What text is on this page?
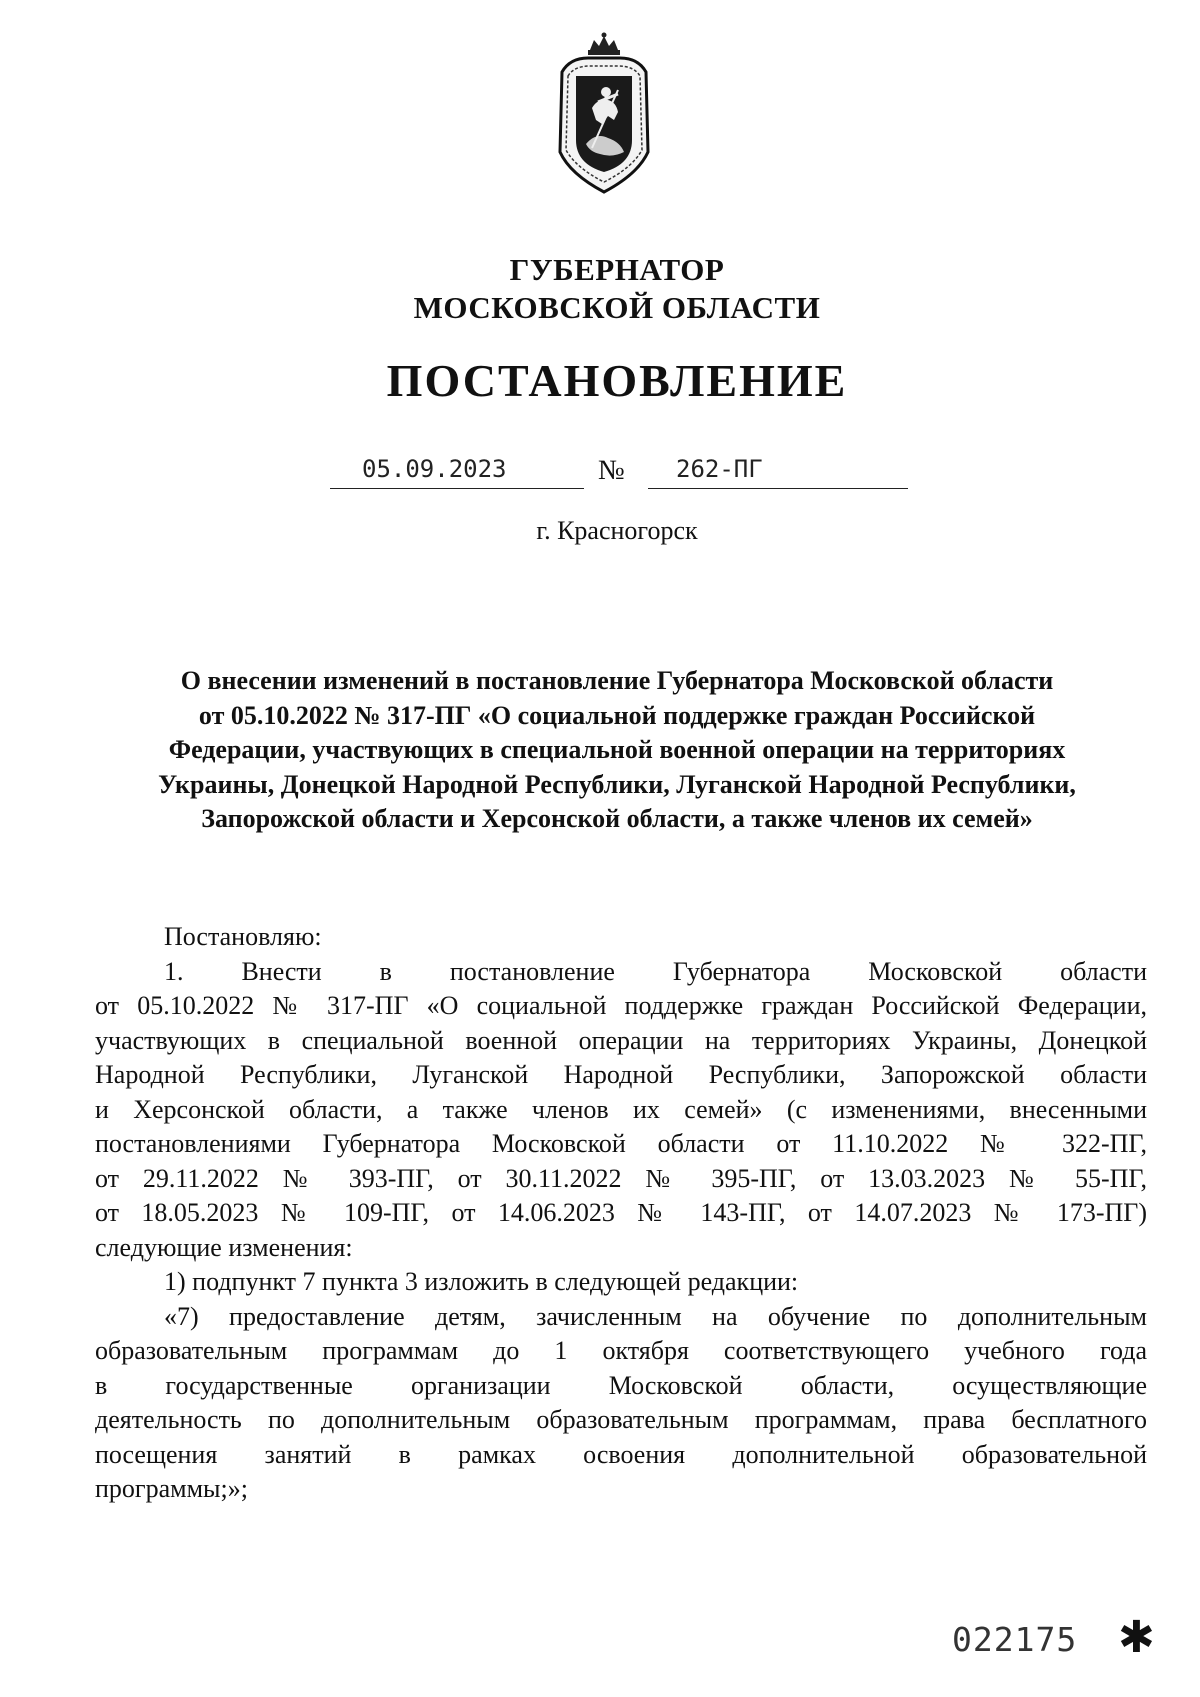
ГУБЕРНАТОР
МОСКОВСКОЙ ОБЛАСТИ
ПОСТАНОВЛЕНИЕ
05.09.2023	№ 262-ПГ
г. Красногорск
О внесении изменений в постановление Губернатора Московской области
от 05.10.2022 № 317-ПГ «О социальной поддержке граждан Российской
Федерации, участвующих в специальной военной операции на территориях
Украины, Донецкой Народной Республики, Луганской Народной Республики,
Запорожской области и Херсонской области, а также членов их семей»

Постановляю:

1. Внести в постановление Губернатора Московской области

от 05.10.2022 № 317-ПГ «О социальной поддержке граждан Российской Федерации,

участвующих в специальной военной операции на территориях Украины, Донецкой

Народной Республики, Луганской Народной Республики, Запорожской области

и Херсонской области, а также членов их семей» (с изменениями, внесенными

постановлениями Губернатора Московской области от 11.10.2022 № 322-ПГ,

от 29.11.2022 № 393-ПГ, от 30.11.2022 № 395-ПГ, от 13.03.2023 № 55-ПГ,

от 18.05.2023 № 109-ПГ, от 14.06.2023 № 143-ПГ, от 14.07.2023 № 173-ПГ)

следующие изменения:

1) подпункт 7 пункта 3 изложить в следующей редакции:

«7) предоставление детям, зачисленным на обучение по дополнительным

образовательным программам до 1 октября соответствующего учебного года

в государственные организации Московской области, осуществляющие

деятельность по дополнительным образовательным программам, права бесплатного

посещения занятий в рамках освоения дополнительной образовательной

программы;»;

022175 ✱
